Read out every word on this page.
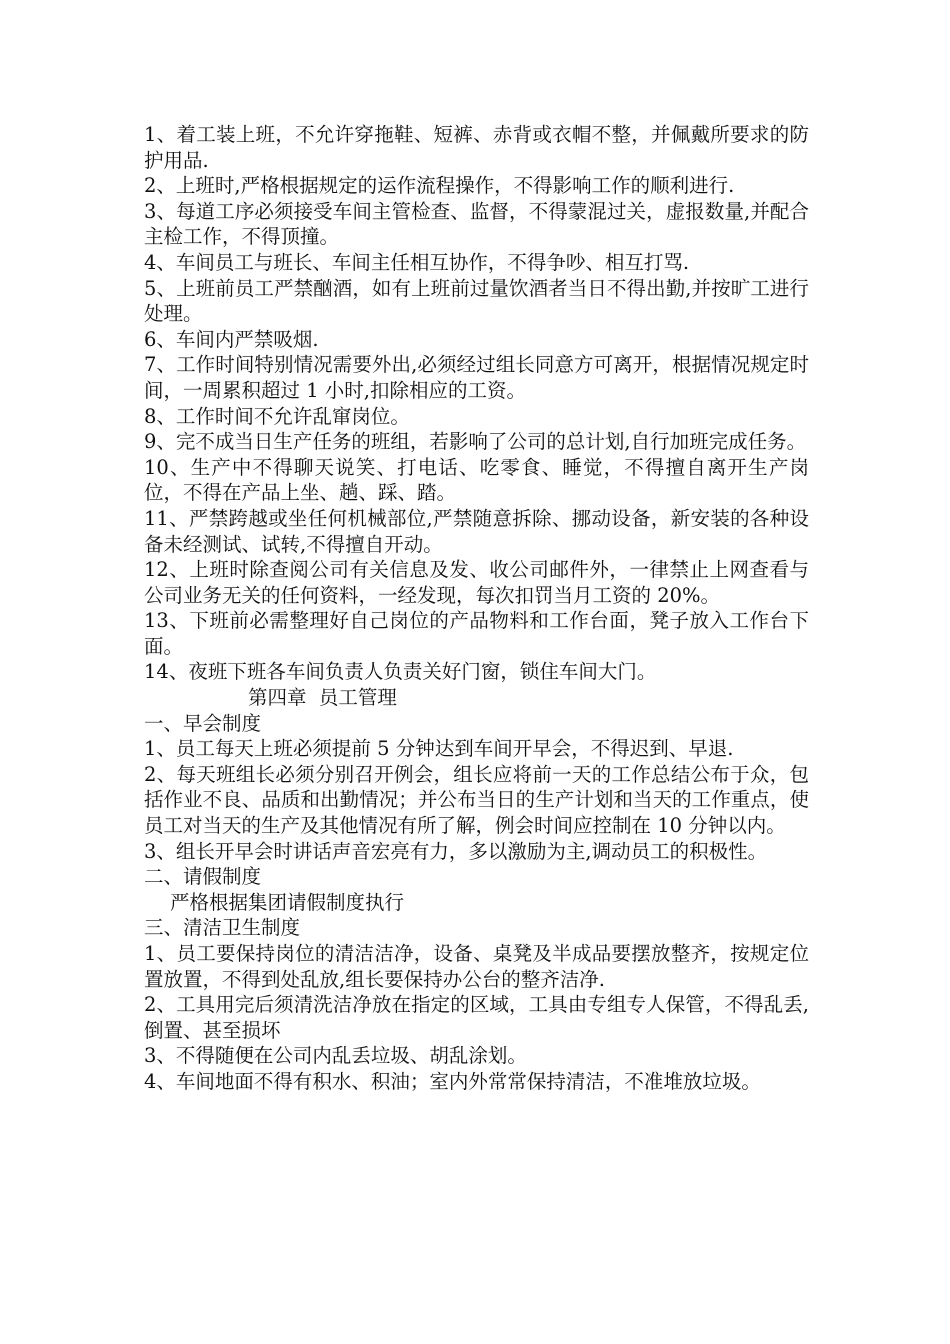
1、着工装上班，不允许穿拖鞋、短裤、赤背或衣帽不整，并佩戴所要求的防护用品.

2、上班时,严格根据规定的运作流程操作，不得影响工作的顺利进行.

3、每道工序必须接受车间主管检查、监督，不得蒙混过关，虚报数量,并配合主检工作，不得顶撞。

4、车间员工与班长、车间主任相互协作，不得争吵、相互打骂.

5、上班前员工严禁酗酒，如有上班前过量饮酒者当日不得出勤,并按旷工进行处理。

6、车间内严禁吸烟.

7、工作时间特别情况需要外出,必须经过组长同意方可离开，根据情况规定时间，一周累积超过 1 小时,扣除相应的工资。

8、工作时间不允许乱窜岗位。

9、完不成当日生产任务的班组，若影响了公司的总计划,自行加班完成任务。

10、生产中不得聊天说笑、打电话、吃零食、睡觉，不得擅自离开生产岗位，不得在产品上坐、趟、踩、踏。

11、严禁跨越或坐任何机械部位,严禁随意拆除、挪动设备，新安装的各种设备未经测试、试转,不得擅自开动。

12、上班时除查阅公司有关信息及发、收公司邮件外，一律禁止上网查看与公司业务无关的任何资料，一经发现，每次扣罚当月工资的 20%。

13、下班前必需整理好自己岗位的产品物料和工作台面，凳子放入工作台下面。

14、夜班下班各车间负责人负责关好门窗，锁住车间大门。

第四章  员工管理

一、早会制度

1、员工每天上班必须提前 5 分钟达到车间开早会，不得迟到、早退.

2、每天班组长必须分别召开例会，组长应将前一天的工作总结公布于众，包括作业不良、品质和出勤情况；并公布当日的生产计划和当天的工作重点，使员工对当天的生产及其他情况有所了解，例会时间应控制在 10 分钟以内。

3、组长开早会时讲话声音宏亮有力，多以激励为主,调动员工的积极性。

二、请假制度

严格根据集团请假制度执行

三、清洁卫生制度

1、员工要保持岗位的清洁洁净，设备、桌凳及半成品要摆放整齐，按规定位置放置，不得到处乱放,组长要保持办公台的整齐洁净.

2、工具用完后须清洗洁净放在指定的区域，工具由专组专人保管，不得乱丢,倒置、甚至损坏

3、不得随便在公司内乱丢垃圾、胡乱涂划。

4、车间地面不得有积水、积油；室内外常常保持清洁，不准堆放垃圾。
